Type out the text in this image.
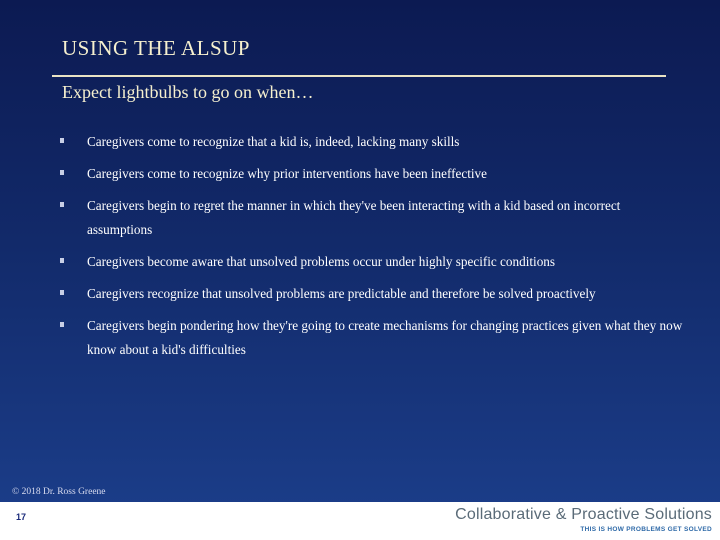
USING THE ALSUP
Expect lightbulbs to go on when…
Caregivers come to recognize that a kid is, indeed, lacking many skills
Caregivers come to recognize why prior interventions have been ineffective
Caregivers begin to regret the manner in which they've been interacting with a kid based on incorrect assumptions
Caregivers become aware that unsolved problems occur under highly specific conditions
Caregivers recognize that unsolved problems are predictable and therefore be solved proactively
Caregivers begin pondering how they're going to create mechanisms for changing practices given what they now know about a kid's difficulties
© 2018 Dr. Ross Greene
17	Collaborative & Proactive Solutions
THIS IS HOW PROBLEMS GET SOLVED
